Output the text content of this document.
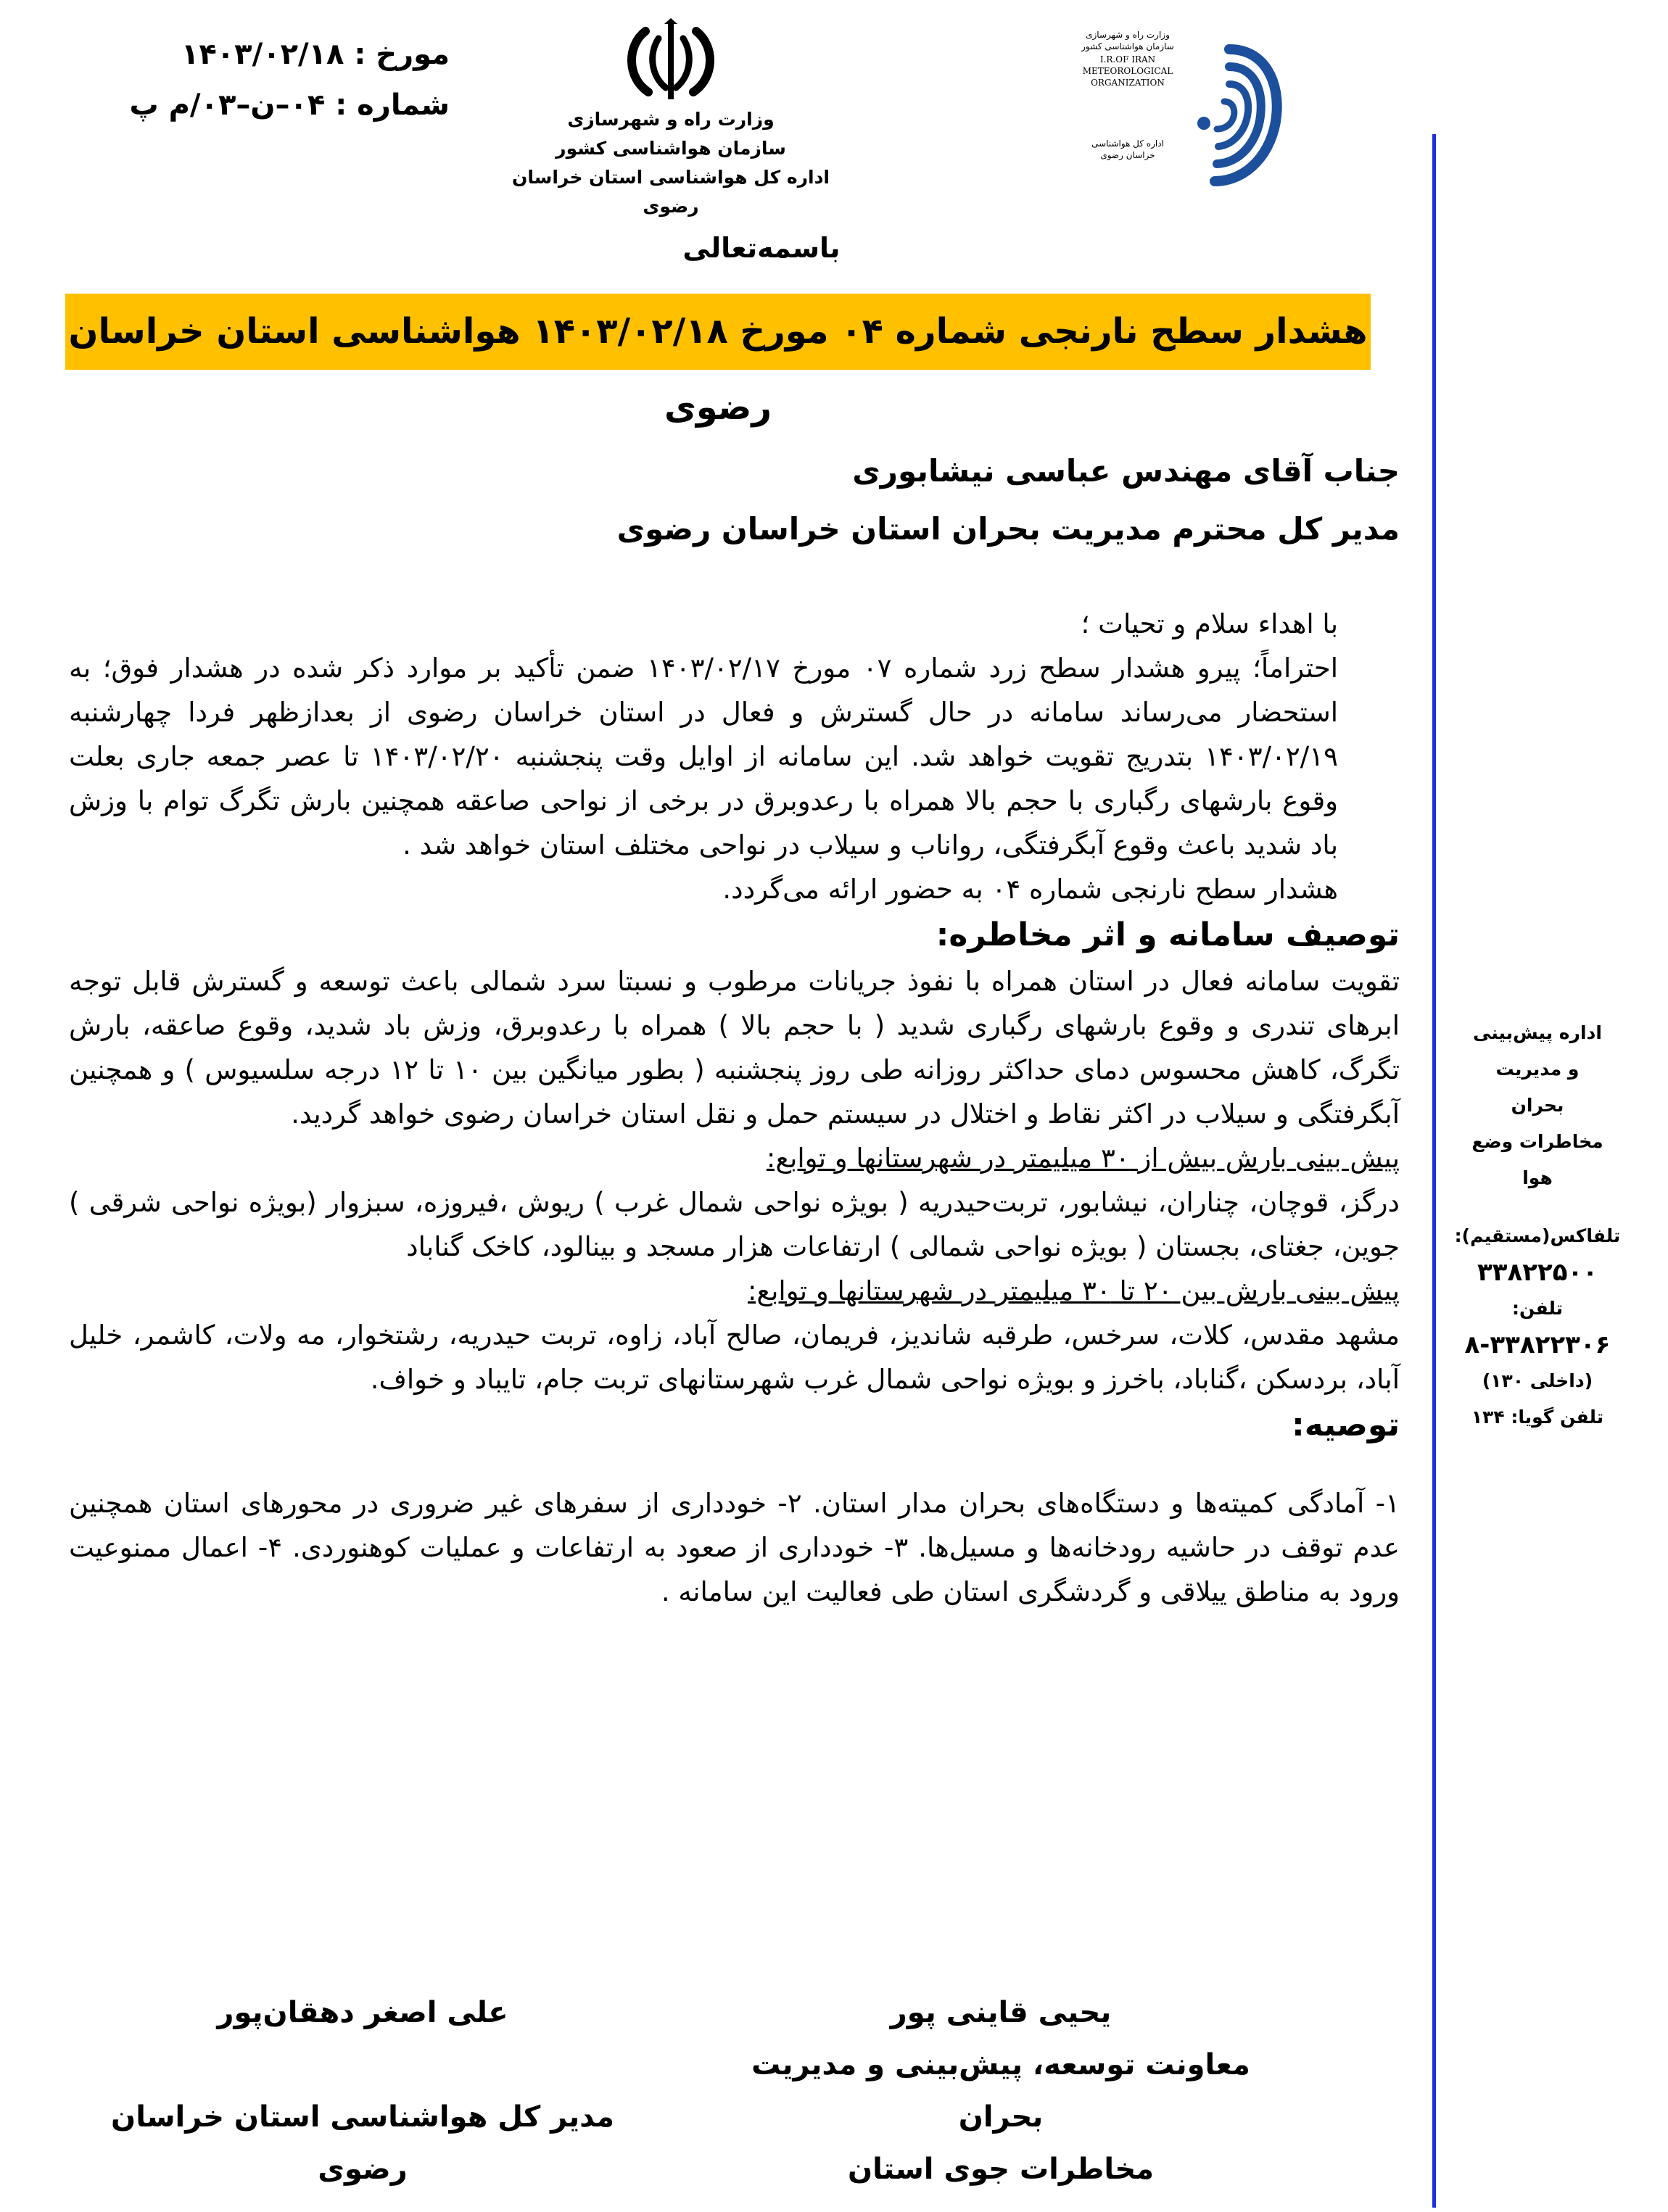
مورخ : ۱۴۰۳/۰۲/۱۸
شماره : ۰۴–ن–۰۳/م پ	وزارت راه و شهرسازی
سازمان هواشناسی کشور
اداره کل هواشناسی استان خراسان رضوی
وزارت راه و شهرسازی
سازمان هواشناسی کشور
I.R.OF IRAN
METEOROLOGICAL
ORGANIZATION
اداره کل هواشناسی
خراسان رضوی
باسمه‌تعالی
هشدار سطح نارنجی شماره ۰۴ مورخ ۱۴۰۳/۰۲/۱۸ هواشناسی استان خراسان رضوی
جناب آقای مهندس عباسی نیشابوری
مدیر کل محترم مدیریت بحران استان خراسان رضوی

با اهداء سلام و تحیات ؛

احتراماً؛ پیرو هشدار سطح زرد شماره ۰۷ مورخ ۱۴۰۳/۰۲/۱۷ ضمن تأکید بر موارد ذکر شده در هشدار فوق؛ به استحضار می‌رساند سامانه در حال گسترش و فعال در استان خراسان رضوی از بعدازظهر فردا چهارشنبه ۱۴۰۳/۰۲/۱۹ بتدریج تقویت خواهد شد. این سامانه از اوایل وقت پنجشنبه ۱۴۰۳/۰۲/۲۰ تا عصر جمعه جاری بعلت وقوع بارشهای رگباری با حجم بالا همراه با رعدوبرق در برخی از نواحی صاعقه همچنین بارش تگرگ توام با وزش باد شدید باعث وقوع آبگرفتگی، رواناب و سیلاب در نواحی مختلف استان خواهد شد .

هشدار سطح نارنجی شماره ۰۴ به حضور ارائه می‌گردد.

توصیف سامانه و اثر مخاطره:

تقویت سامانه فعال در استان همراه با نفوذ جریانات مرطوب و نسبتا سرد شمالی باعث توسعه و گسترش قابل توجه ابرهای تندری و وقوع بارشهای رگباری شدید ( با حجم بالا ) همراه با رعدوبرق، وزش باد شدید، وقوع صاعقه، بارش تگرگ، کاهش محسوس دمای حداکثر روزانه طی روز پنجشنبه ( بطور میانگین بین ۱۰ تا ۱۲ درجه سلسیوس ) و همچنین آبگرفتگی و سیلاب در اکثر نقاط و اختلال در سیستم حمل و نقل استان خراسان رضوی خواهد گردید.

پیش بینی بارش بیش از ۳۰ میلیمتر در شهرستانها و توابع:

درگز، قوچان، چناران، نیشابور، تربت‌حیدریه ( بویژه نواحی شمال غرب ) ریوش ،فیروزه، سبزوار (بویژه نواحی شرقی ) جوین، جغتای، بجستان ( بویژه نواحی شمالی ) ارتفاعات هزار مسجد و بینالود، کاخک گناباد

پیش بینی بارش بین ۲۰ تا ۳۰ میلیمتر در شهرستانها و توابع:

مشهد مقدس، کلات، سرخس، طرقبه شاندیز، فریمان، صالح آباد، زاوه، تربت حیدریه، رشتخوار، مه ولات، کاشمر، خلیل آباد، بردسکن ،گناباد، باخرز و بویژه نواحی شمال غرب شهرستانهای تربت جام، تایباد و خواف.

توصیه:

۱- آمادگی کمیته‌ها و دستگاه‌های بحران مدار استان. ۲- خودداری از سفرهای غیر ضروری در محورهای استان همچنین عدم توقف در حاشیه رودخانه‌ها و مسیل‌ها. ۳- خودداری از صعود به ارتفاعات و عملیات کوهنوردی. ۴- اعمال ممنوعیت ورود به مناطق ییلاقی و گردشگری استان طی فعالیت این سامانه .

اداره پیش‌بینی
و مدیریت
بحران
مخاطرات وضع
هوا
تلفاکس(مستقیم):
۳۳۸۲۲۵۰۰
تلفن:
۸-۳۳۸۲۲۳۰۶
(داخلی ۱۳۰)
تلفن گویا: ۱۳۴
یحیی قاینی پور
معاونت توسعه، پیش‌بینی و مدیریت بحران
مخاطرات جوی استان
علی اصغر دهقان‌پور
مدیر کل هواشناسی استان خراسان رضوی
